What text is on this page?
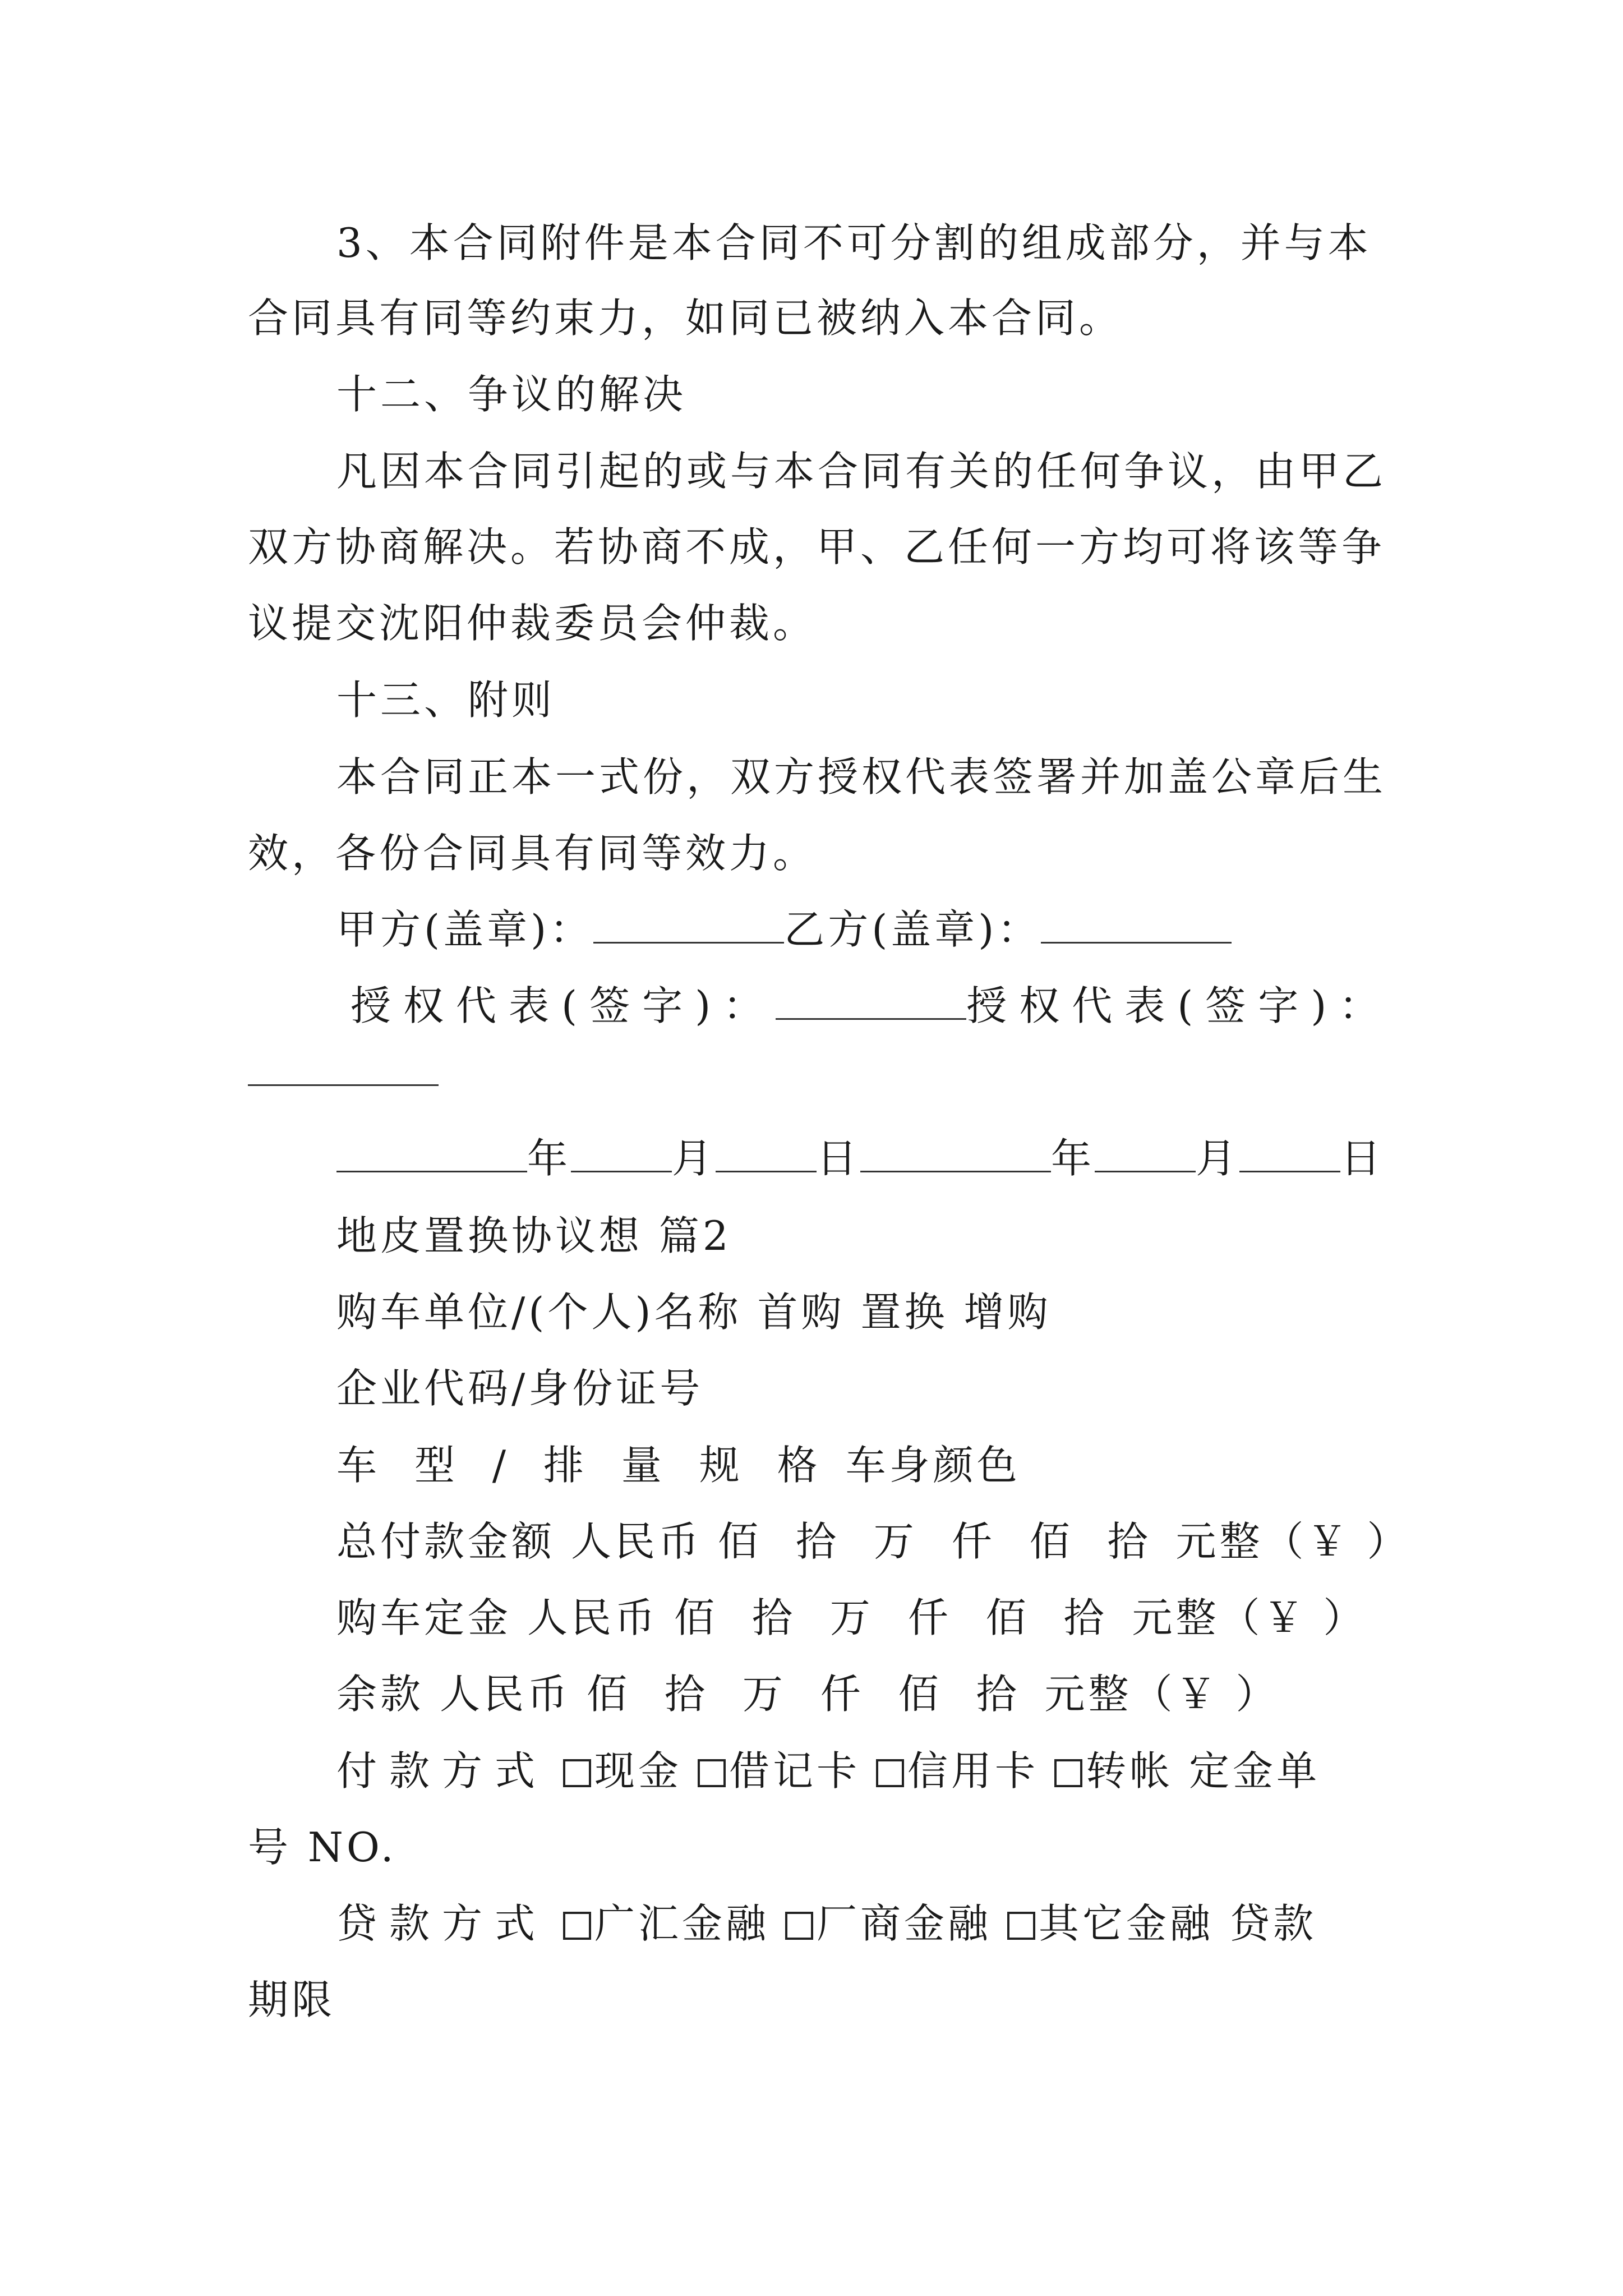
3、本合同附件是本合同不可分割的组成部分，并与本
合同具有同等约束力，如同已被纳入本合同。
十二、争议的解决
凡因本合同引起的或与本合同有关的任何争议，由甲乙
双方协商解决。若协商不成，甲、乙任何一方均可将该等争
议提交沈阳仲裁委员会仲裁。
十三、附则
本合同正本一式份，双方授权代表签署并加盖公章后生
效，各份合同具有同等效力。
甲方(盖章)：	乙方(盖章)：
授权代表(签字)：	授权代表(签字)：
年	月	日	年	月	日
地皮置换协议想 篇2
购车单位/(个人)名称 首购 置换 增购
企业代码/身份证号
车 型 / 排 量 规 格 车身颜色
总付款金额 人民币 佰 拾 万 仟 佰 拾 元整（￥ ）
购车定金 人民币 佰 拾 万 仟 佰 拾 元整（￥ ）
余款 人民币 佰 拾 万 仟 佰 拾 元整（￥ ）
付款方式 现金 借记卡 信用卡 转帐 定金单
号 NO.
贷款方式 广汇金融 厂商金融 其它金融 贷款
期限
